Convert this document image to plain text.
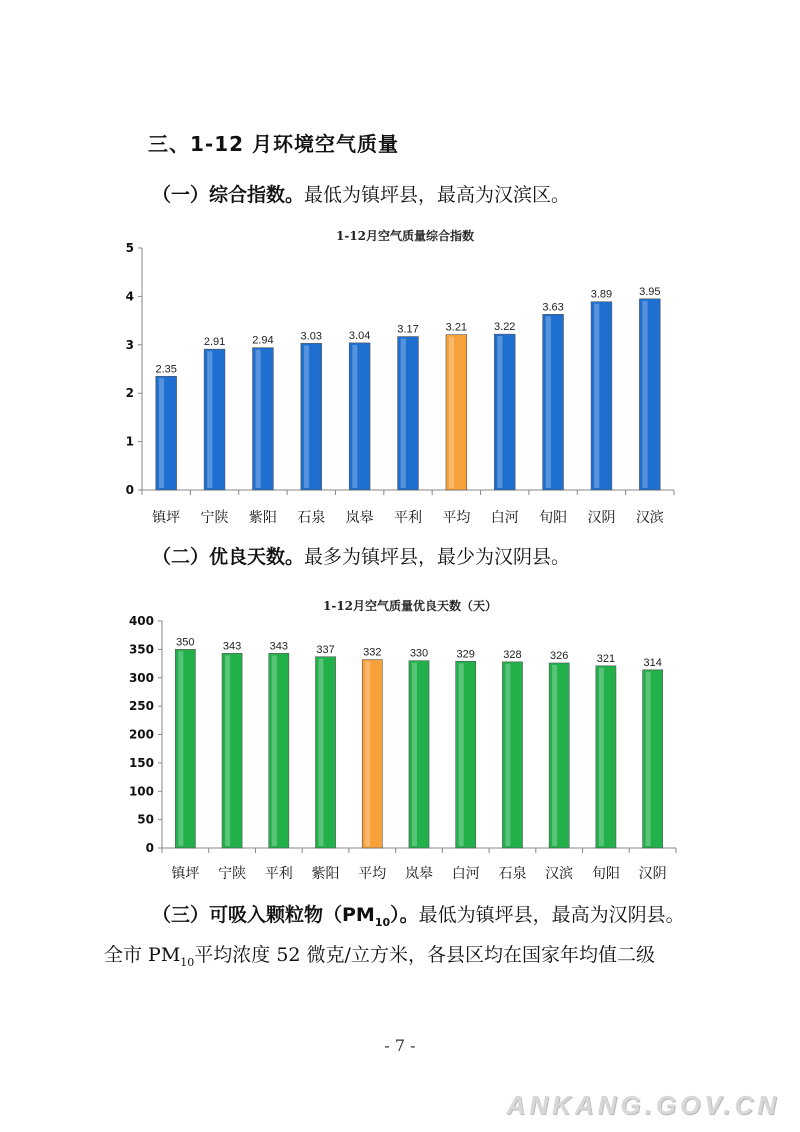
三、1-12 月环境空气质量
（一）综合指数。最低为镇坪县，最高为汉滨区。
1-12月空气质量综合指数
0
1
2
3
4
5
2.35
镇坪
2.91
宁陕
2.94
紫阳
3.03
石泉
3.04
岚皋
3.17
平利
3.21
平均
3.22
白河
3.63
旬阳
3.89
汉阴
3.95
汉滨
（二）优良天数。最多为镇坪县，最少为汉阴县。
1-12月空气质量优良天数（天）
0
50
100
150
200
250
300
350
400
350
镇坪
343
宁陕
343
平利
337
紫阳
332
平均
330
岚皋
329
白河
328
石泉
326
汉滨
321
旬阳
314
汉阴
（三）可吸入颗粒物$(PM_{10})$。最低为镇坪县，最高为汉阴县。
全市 $PM_{10}$平均浓度 52 微克/立方米，各县区均在国家年均值二级
- 7 -
ANKANG.GOV.CN
